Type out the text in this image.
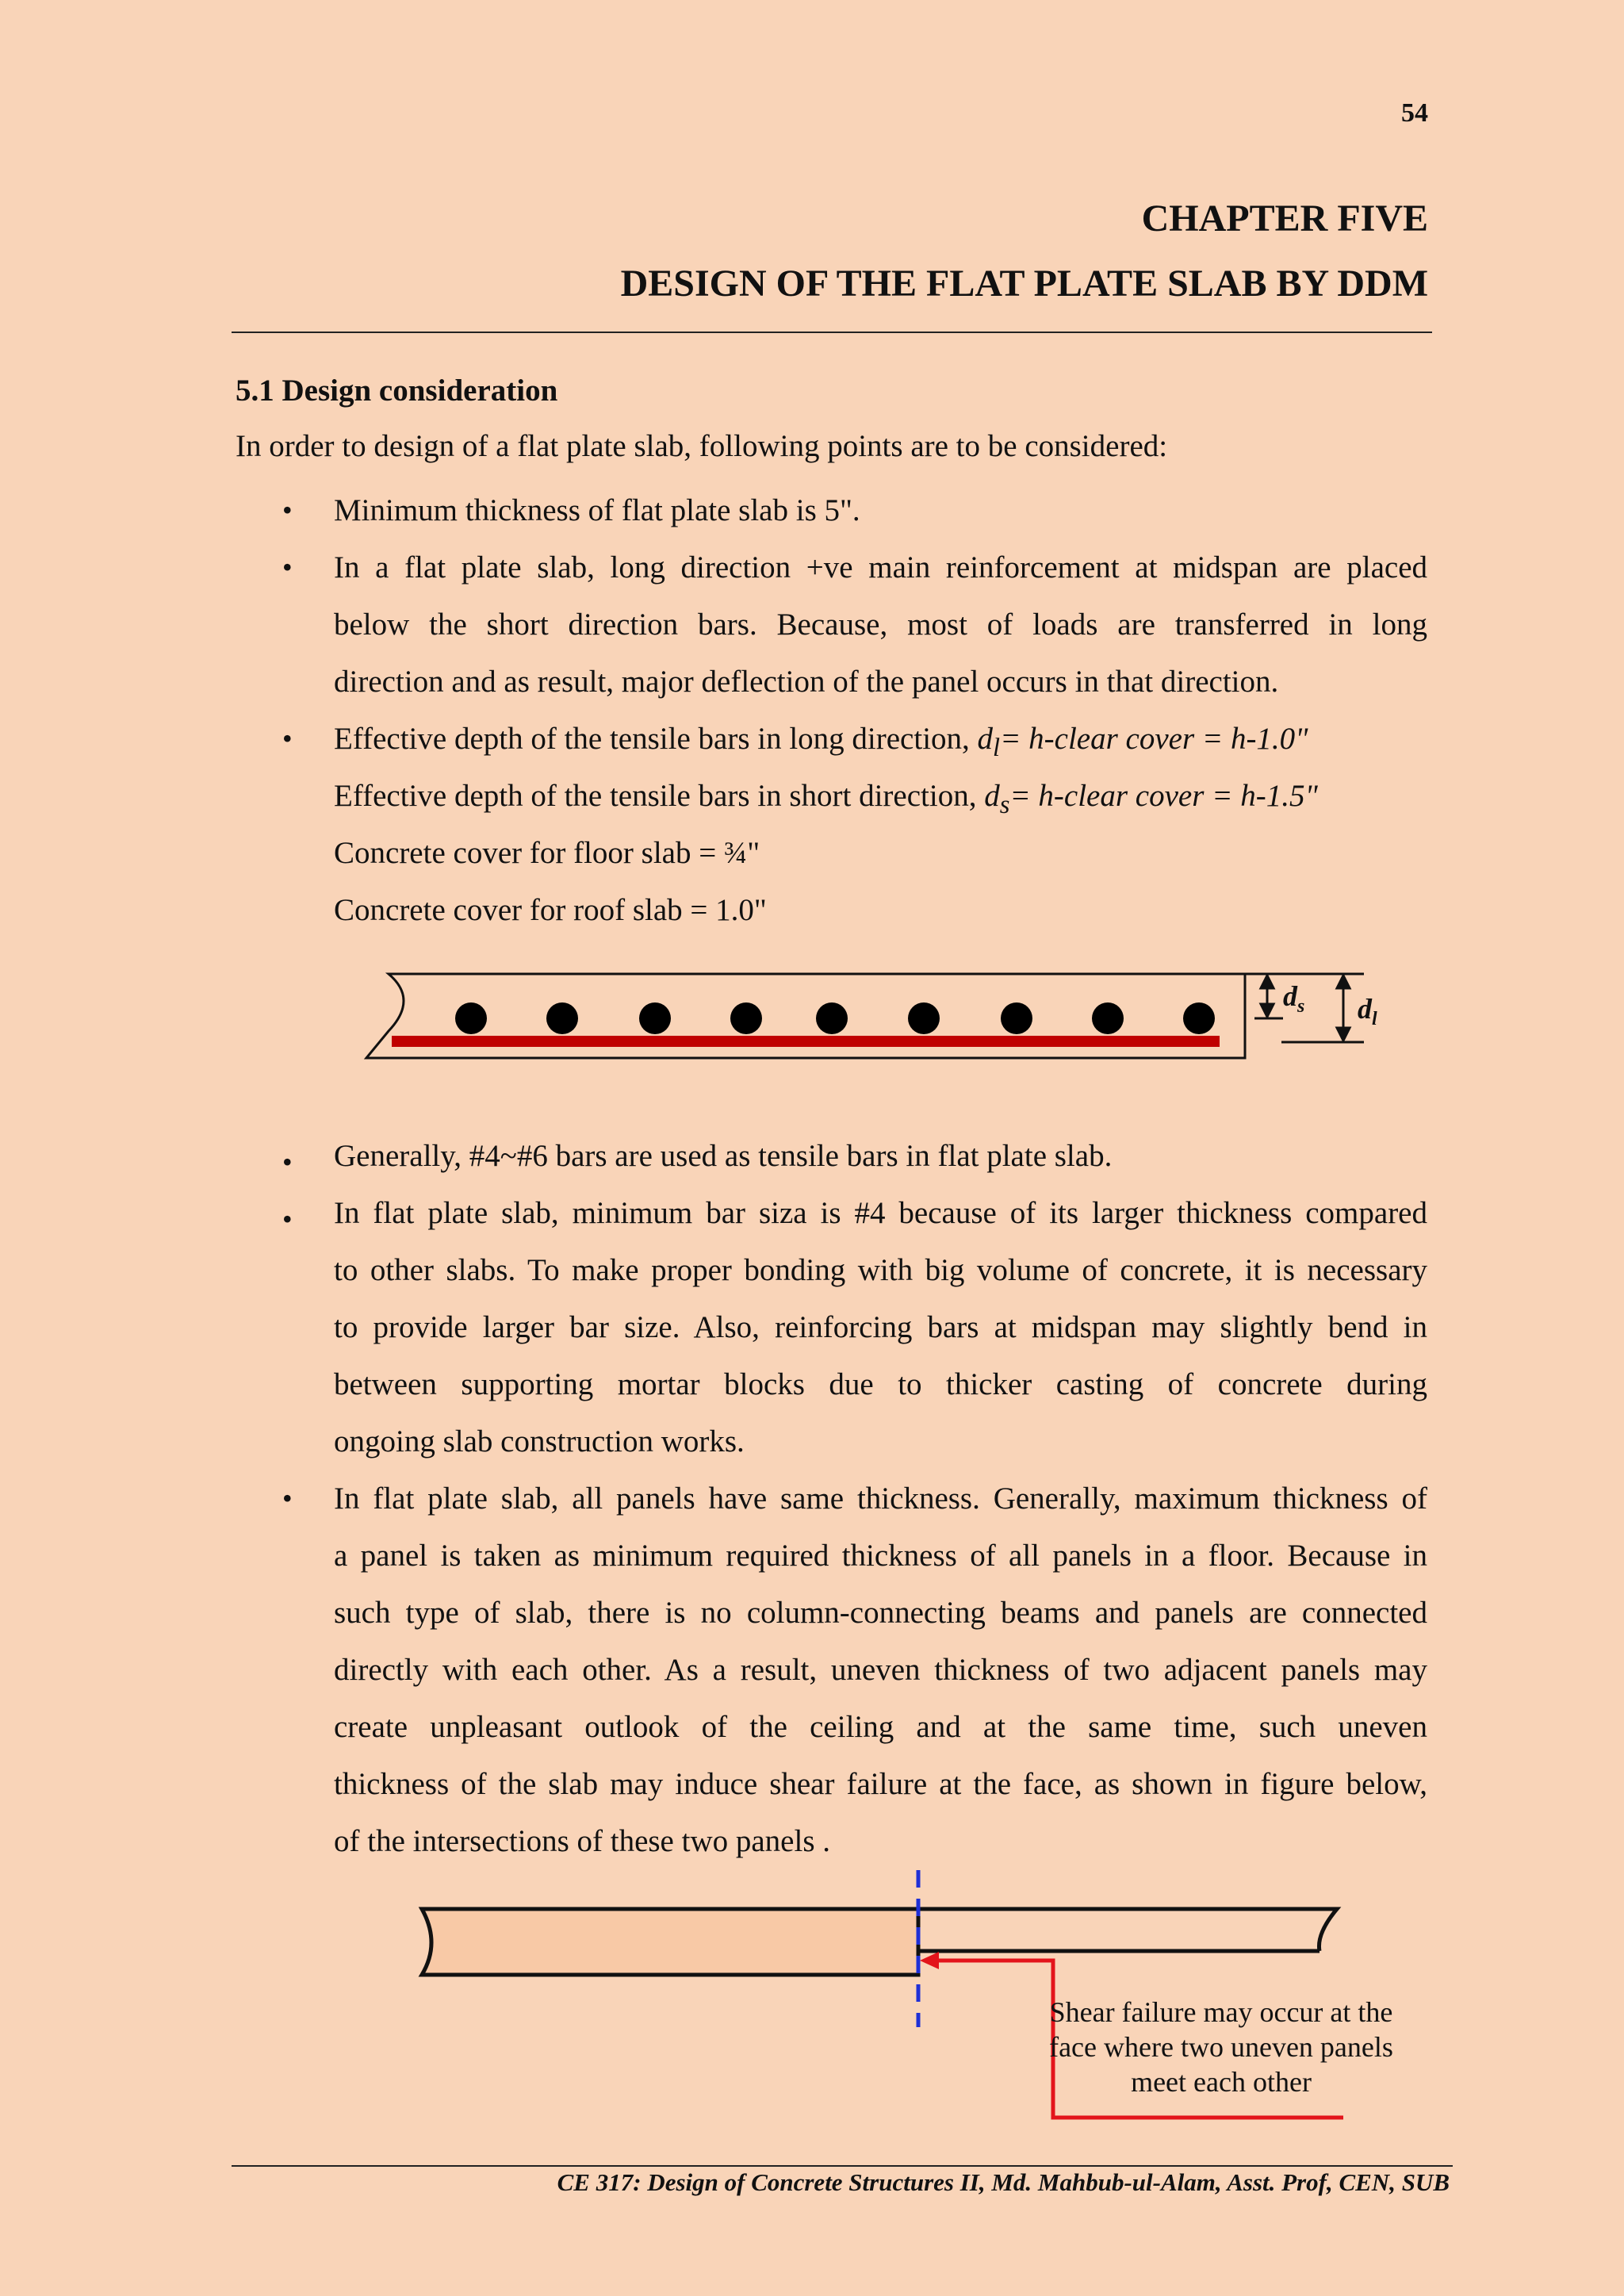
54
CHAPTER FIVE
DESIGN OF THE FLAT PLATE SLAB BY DDM
5.1 Design consideration
In order to design of a flat plate slab, following points are to be considered:
• Minimum thickness of flat plate slab is 5".
• In a flat plate slab, long direction +ve main reinforcement at midspan are placed
below the short direction bars. Because, most of loads are transferred in long
direction and as result, major deflection of the panel occurs in that direction.
• Effective depth of the tensile bars in long direction, $d_l=$ h-clear cover = h-1.0"
Effective depth of the tensile bars in short direction, $d_s=$ h-clear cover = h-1.5"
Concrete cover for floor slab = ¾"
Concrete cover for roof slab = 1.0"
$d_s$ $d_l$
• Generally, #4~#6 bars are used as tensile bars in flat plate slab.
• In flat plate slab, minimum bar siza is #4 because of its larger thickness compared
to other slabs. To make proper bonding with big volume of concrete, it is necessary
to provide larger bar size. Also, reinforcing bars at midspan may slightly bend in
between supporting mortar blocks due to thicker casting of concrete during
ongoing slab construction works.
• In flat plate slab, all panels have same thickness. Generally, maximum thickness of
a panel is taken as minimum required thickness of all panels in a floor. Because in
such type of slab, there is no column-connecting beams and panels are connected
directly with each other. As a result, uneven thickness of two adjacent panels may
create unpleasant outlook of the ceiling and at the same time, such uneven
thickness of the slab may induce shear failure at the face, as shown in figure below,
of the intersections of these two panels .
Shear failure may occur at the face where two uneven panels meet each other
CE 317: Design of Concrete Structures II, Md. Mahbub-ul-Alam, Asst. Prof, CEN, SUB
